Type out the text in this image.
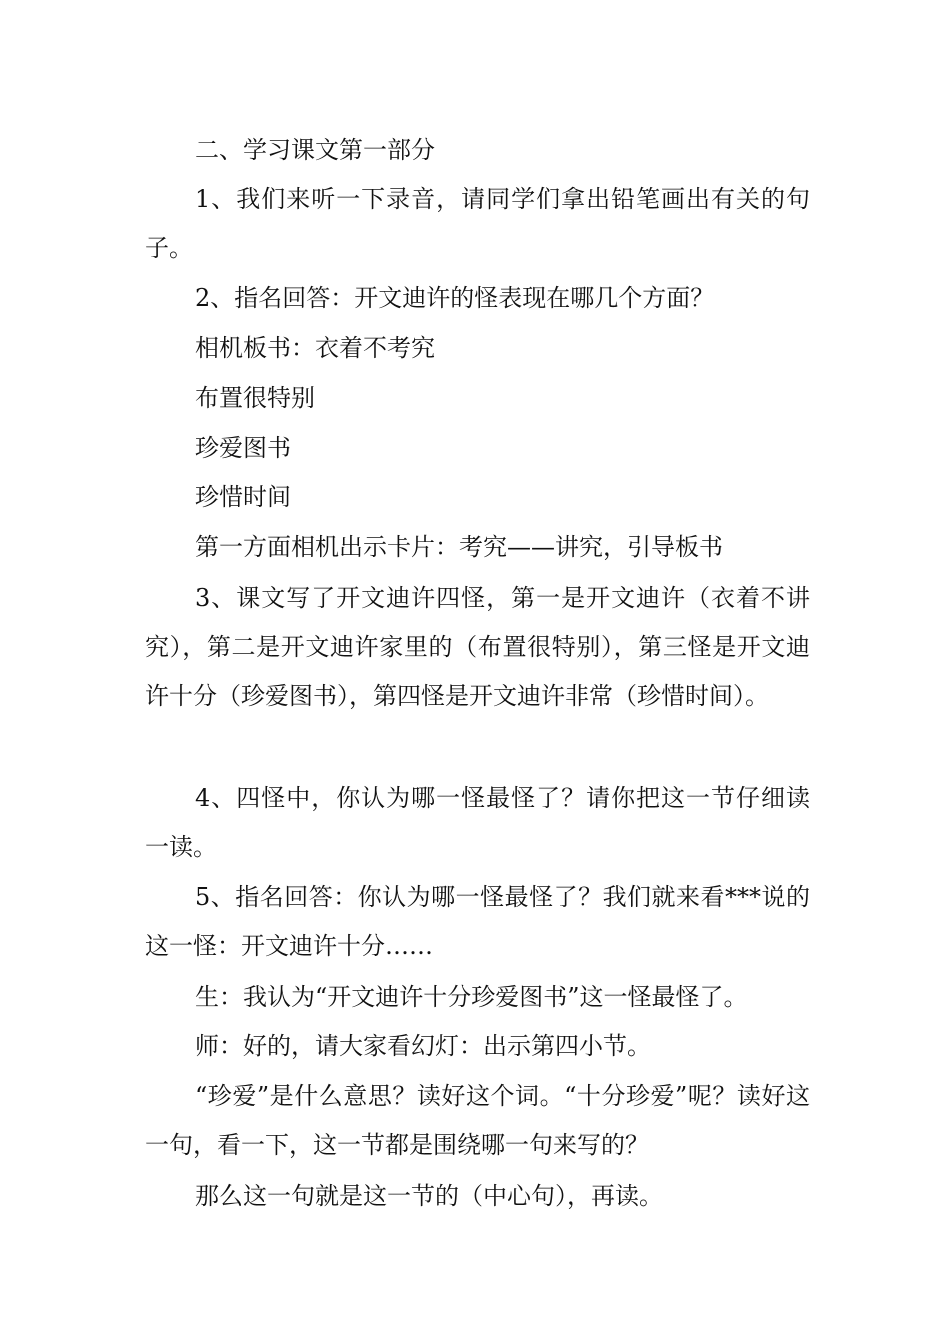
二、学习课文第一部分

1、我们来听一下录音，请同学们拿出铅笔画出有关的句子。

2、指名回答：开文迪许的怪表现在哪几个方面？

相机板书：衣着不考究

布置很特别

珍爱图书

珍惜时间

第一方面相机出示卡片：考究——讲究，引导板书

3、课文写了开文迪许四怪，第一是开文迪许（衣着不讲究），第二是开文迪许家里的（布置很特别），第三怪是开文迪许十分（珍爱图书），第四怪是开文迪许非常（珍惜时间）。

4、四怪中，你认为哪一怪最怪了？请你把这一节仔细读一读。

5、指名回答：你认为哪一怪最怪了？我们就来看***说的这一怪：开文迪许十分……

生：我认为“开文迪许十分珍爱图书”这一怪最怪了。

师：好的，请大家看幻灯：出示第四小节。

“珍爱”是什么意思？读好这个词。“十分珍爱”呢？读好这一句，看一下，这一节都是围绕哪一句来写的？

那么这一句就是这一节的（中心句），再读。
